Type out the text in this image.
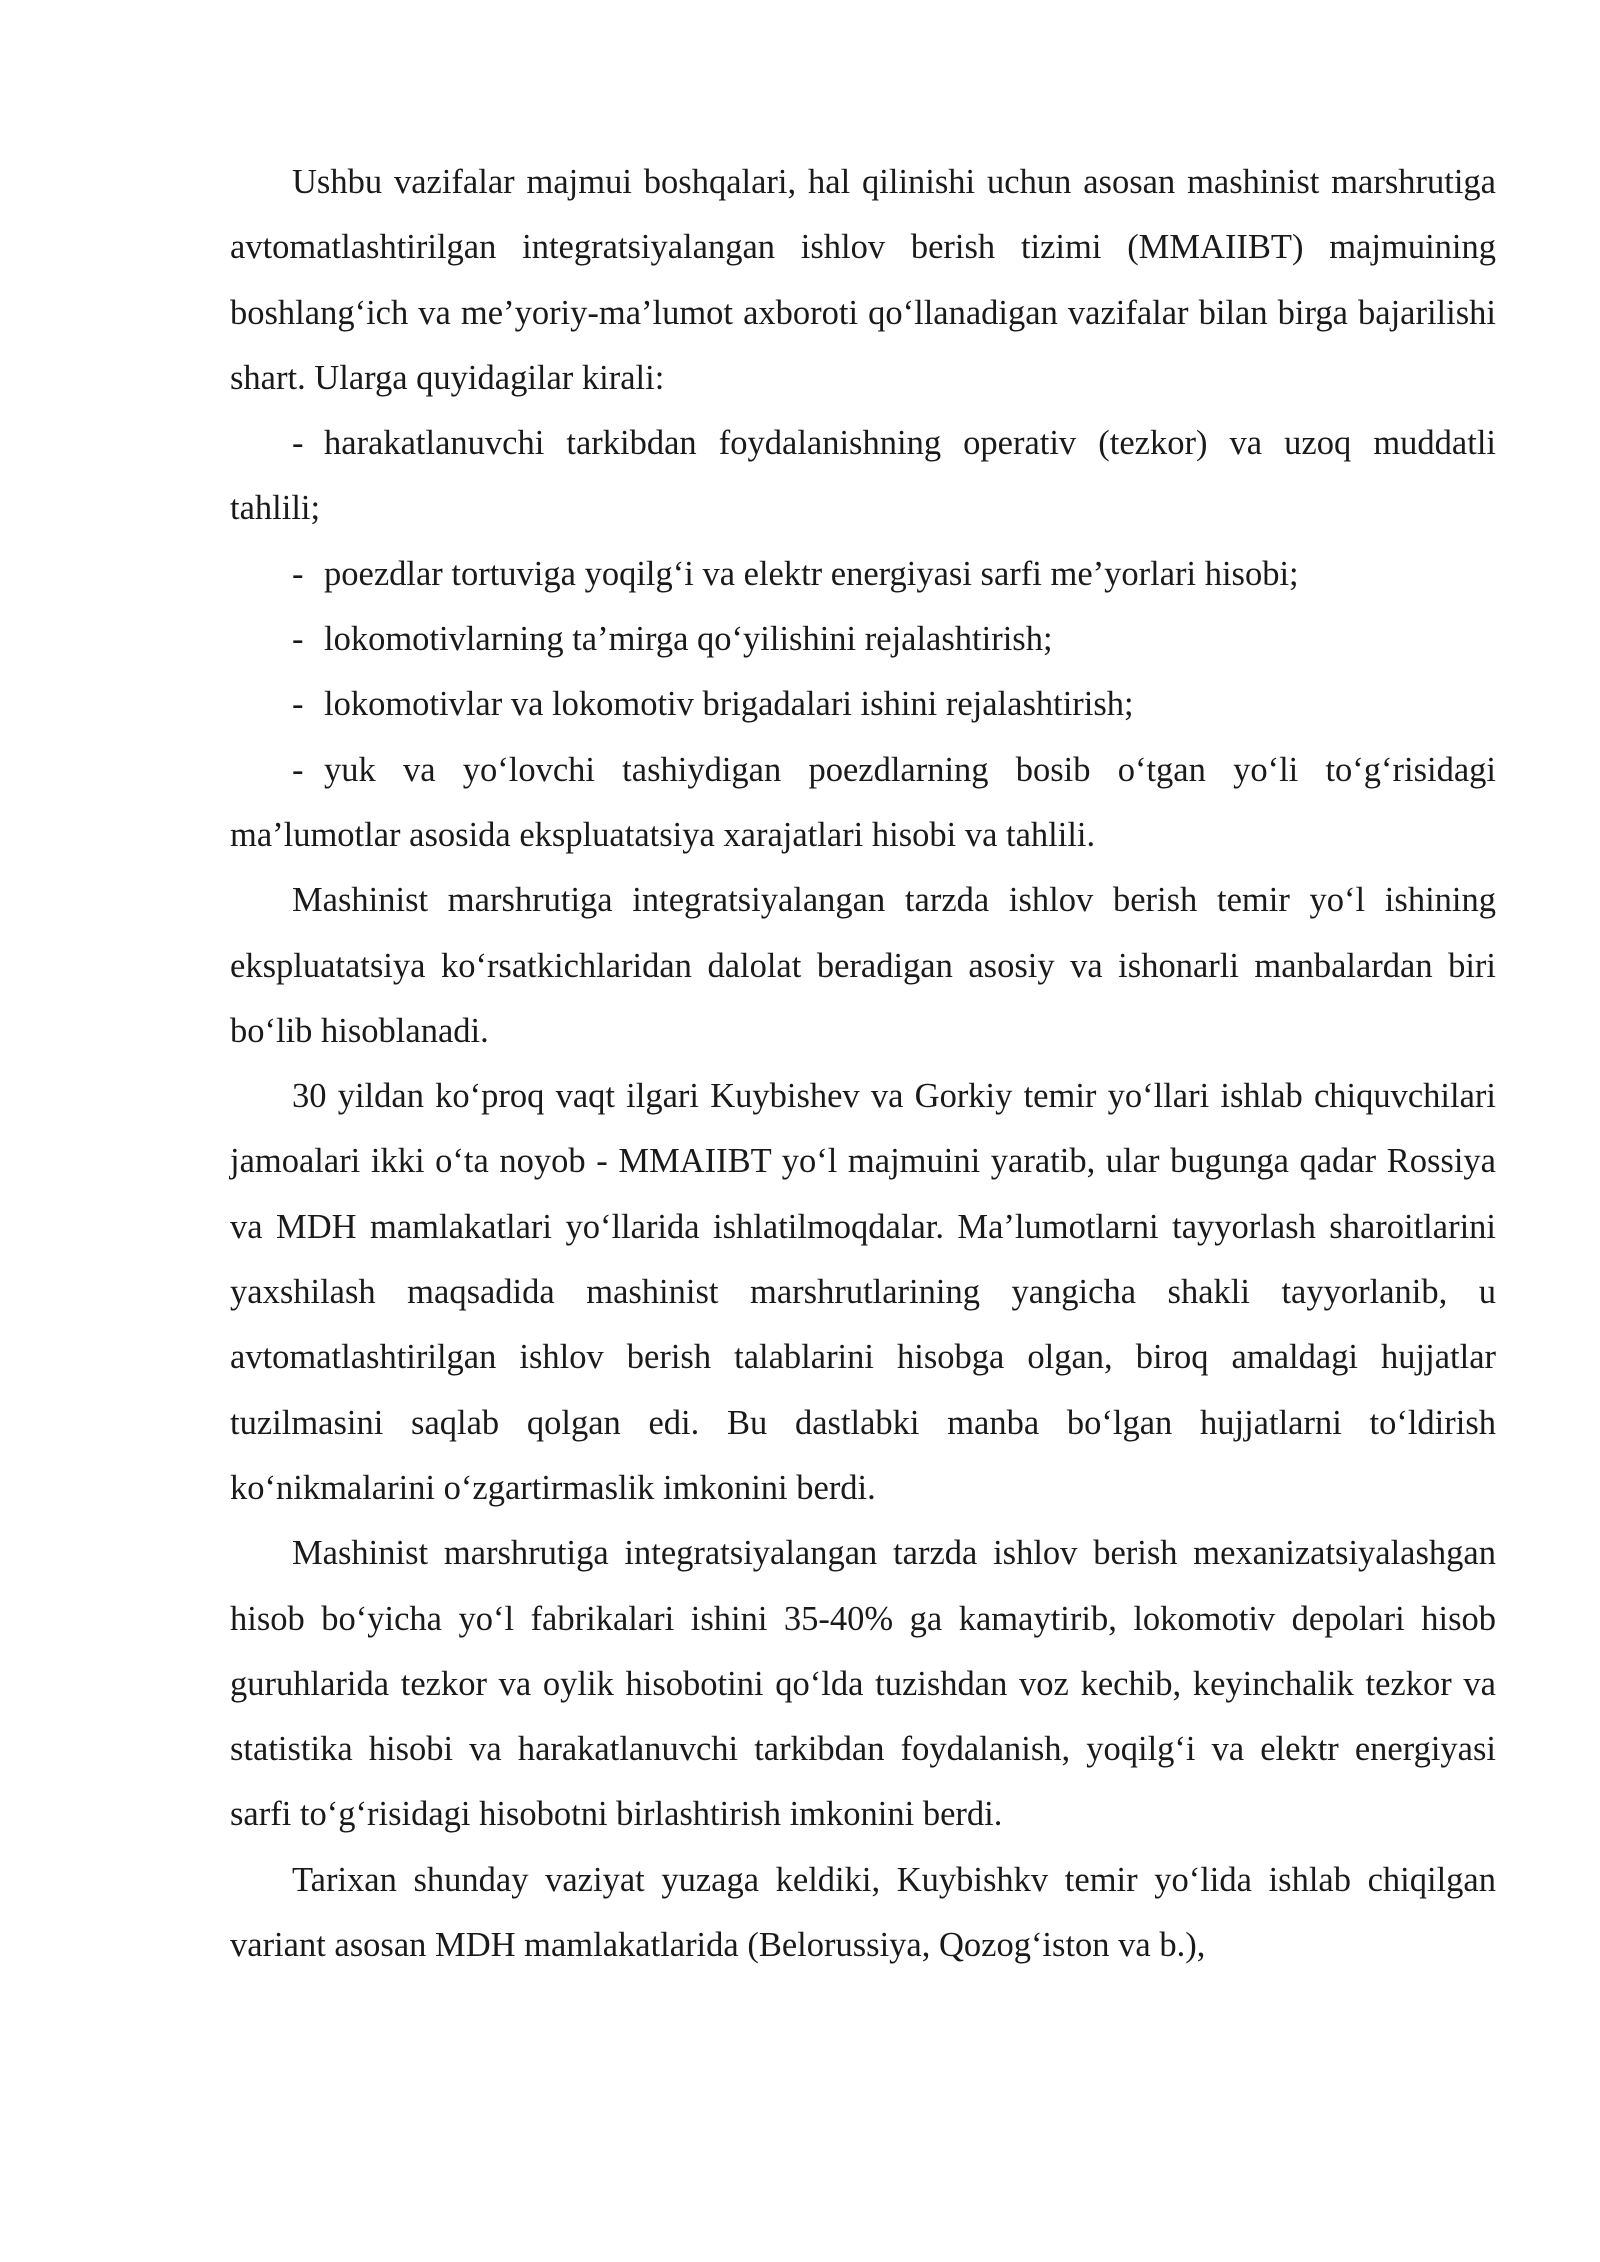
Ushbu vazifalar majmui boshqalari, hal qilinishi uchun asosan mashinist marshrutiga avtomatlashtirilgan integratsiyalangan ishlov berish tizimi (MMAIIBT) majmuining boshlang‘ich va me’yoriy-ma’lumot axboroti qo‘llanadigan vazifalar bilan birga bajarilishi shart. Ularga quyidagilar kirali:

- harakatlanuvchi tarkibdan foydalanishning operativ (tezkor) va uzoq muddatli tahlili;

- poezdlar tortuviga yoqilg‘i va elektr energiyasi sarfi me’yorlari hisobi;

- lokomotivlarning ta’mirga qo‘yilishini rejalashtirish;

- lokomotivlar va lokomotiv brigadalari ishini rejalashtirish;

- yuk va yo‘lovchi tashiydigan poezdlarning bosib o‘tgan yo‘li to‘g‘risidagi ma’lumotlar asosida ekspluatatsiya xarajatlari hisobi va tahlili.

Mashinist marshrutiga integratsiyalangan tarzda ishlov berish temir yo‘l ishining ekspluatatsiya ko‘rsatkichlaridan dalolat beradigan asosiy va ishonarli manbalardan biri bo‘lib hisoblanadi.

30 yildan ko‘proq vaqt ilgari Kuybishev va Gorkiy temir yo‘llari ishlab chiquvchilari jamoalari ikki o‘ta noyob - MMAIIBT yo‘l majmuini yaratib, ular bugunga qadar Rossiya va MDH mamlakatlari yo‘llarida ishlatilmoqdalar. Ma’lumotlarni tayyorlash sharoitlarini yaxshilash maqsadida mashinist marshrutlarining yangicha shakli tayyorlanib, u avtomatlashtirilgan ishlov berish talablarini hisobga olgan, biroq amaldagi hujjatlar tuzilmasini saqlab qolgan edi. Bu dastlabki manba bo‘lgan hujjatlarni to‘ldirish ko‘nikmalarini o‘zgartirmaslik imkonini berdi.

Mashinist marshrutiga integratsiyalangan tarzda ishlov berish mexanizatsiyalashgan hisob bo‘yicha yo‘l fabrikalari ishini 35-40% ga kamaytirib, lokomotiv depolari hisob guruhlarida tezkor va oylik hisobotini qo‘lda tuzishdan voz kechib, keyinchalik tezkor va statistika hisobi va harakatlanuvchi tarkibdan foydalanish, yoqilg‘i va elektr energiyasi sarfi to‘g‘risidagi hisobotni birlashtirish imkonini berdi.

Tarixan shunday vaziyat yuzaga keldiki, Kuybishkv temir yo‘lida ishlab chiqilgan variant asosan MDH mamlakatlarida (Belorussiya, Qozog‘iston va b.),
